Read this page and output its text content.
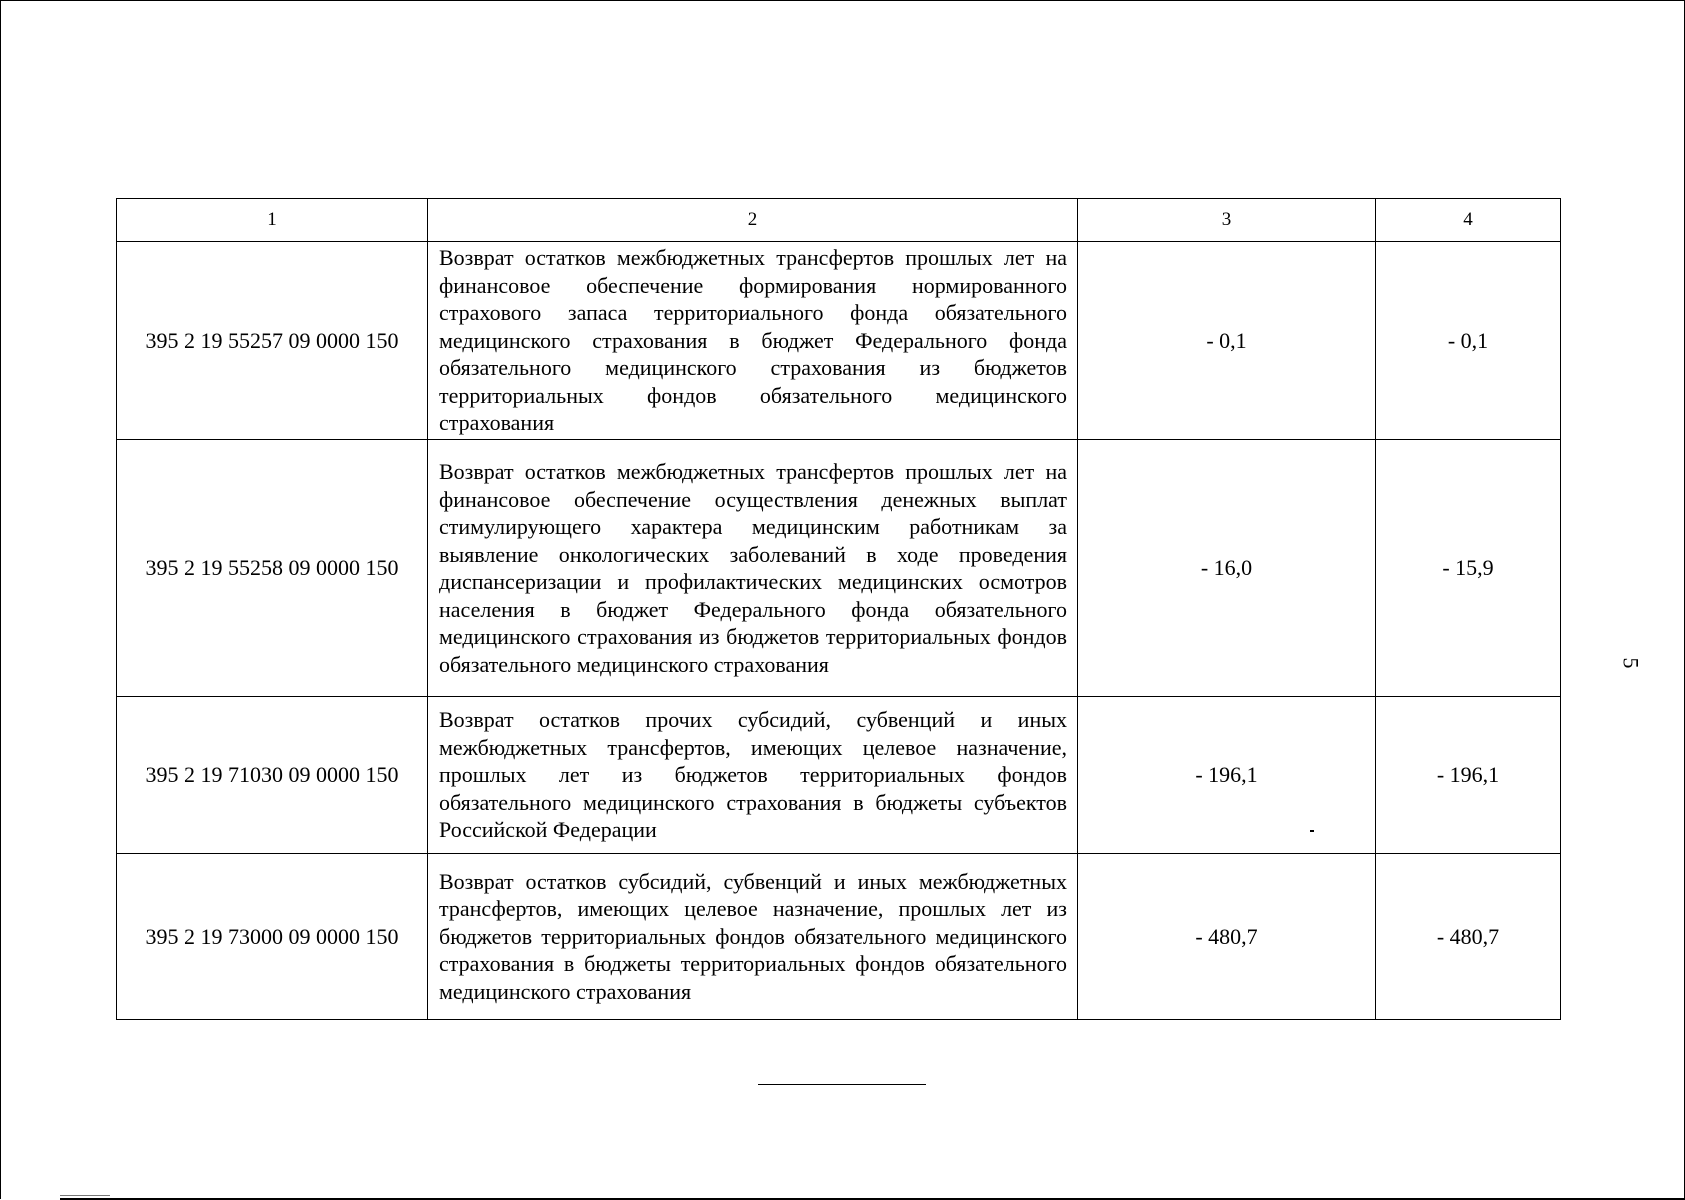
1	2	3	4
395 2 19 55257 09 0000 150	Возврат остатков межбюджетных трансфертов прошлых лет на финансовое обеспечение формирования нормированного страхового запаса территориального фонда обязательного медицинского страхования в бюджет Федерального фонда обязательного медицинского страхования из бюджетов территориальных фондов обязательного медицинского страхования	- 0,1	- 0,1
395 2 19 55258 09 0000 150	Возврат остатков межбюджетных трансфертов прошлых лет на финансовое обеспечение осуществления денежных выплат стимулирующего характера медицинским работникам за выявление онкологических заболеваний в ходе проведения диспансеризации и профилактических медицинских осмотров населения в бюджет Федерального фонда обязательного медицинского страхования из бюджетов территориальных фондов обязательного медицинского страхования	- 16,0	- 15,9
395 2 19 71030 09 0000 150	Возврат остатков прочих субсидий, субвенций и иных межбюджетных трансфертов, имеющих целевое назначение, прошлых лет из бюджетов территориальных фондов обязательного медицинского страхования в бюджеты субъектов Российской Федерации	- 196,1	- 196,1
395 2 19 73000 09 0000 150	Возврат остатков субсидий, субвенций и иных межбюджетных трансфертов, имеющих целевое назначение, прошлых лет из бюджетов территориальных фондов обязательного медицинского страхования в бюджеты территориальных фондов обязательного медицинского страхования	- 480,7	- 480,7
5
